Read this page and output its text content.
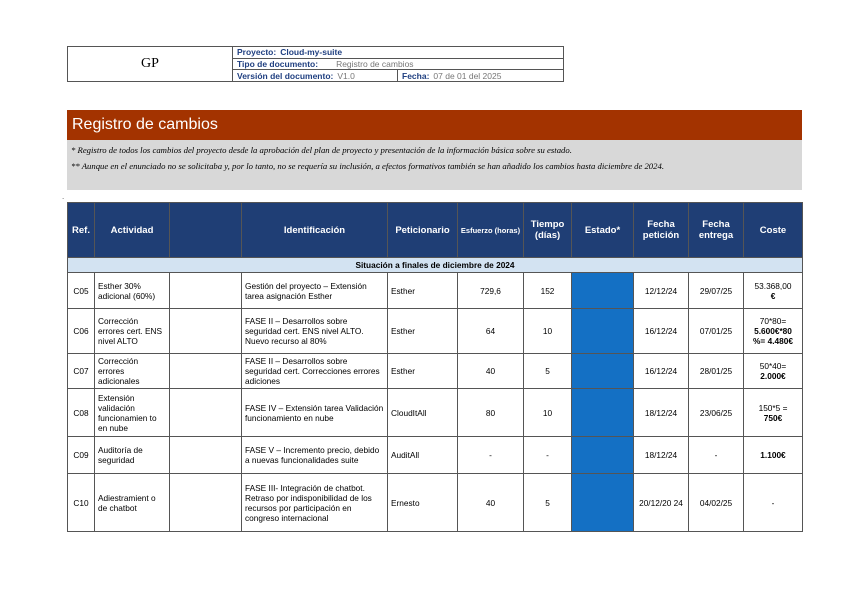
GP
Proyecto: Cloud-my-suite
Tipo de documento: Registro de cambios
Versión del documento: V1.0	Fecha: 07 de 01 del 2025
Registro de cambios

* Registro de todos los cambios del proyecto desde la aprobación del plan de proyecto y presentación de la información básica sobre su estado.

** Aunque en el enunciado no se solicitaba y, por lo tanto, no se requería su inclusión, a efectos formativos también se han añadido los cambios hasta diciembre de 2024.

.
Ref.	Actividad		Identificación	Peticionario	Esfuerzo (horas)	Tiempo (días)	Estado*	Fecha petición	Fecha entrega	Coste
Situación a finales de diciembre de 2024										
C05	Esther 30% adicional (60%)		Gestión del proyecto – Extensión tarea asignación Esther	Esther	729,6	152		12/12/24	29/07/25	53.368,00
€
C06	Corrección errores cert. ENS nivel ALTO		FASE II – Desarrollos sobre seguridad cert. ENS nivel ALTO. Nuevo recurso al 80%	Esther	64	10		16/12/24	07/01/25	70*80=
5.600€*80 %= 4.480€
C07	Corrección errores adicionales		FASE II – Desarrollos sobre seguridad cert. Correcciones errores adiciones	Esther	40	5		16/12/24	28/01/25	50*40=
2.000€
C08	Extensión validación funcionamien to en nube		FASE IV – Extensión tarea Validación funcionamiento en nube	CloudItAll	80	10		18/12/24	23/06/25	150*5 =
750€
C09	Auditoría de seguridad		FASE V – Incremento precio, debido a nuevas funcionalidades suite	AuditAll	-	-		18/12/24	-	1.100€
C10	Adiestramient o de chatbot		FASE III- Integración de chatbot. Retraso por indisponibilidad de los recursos por participación en congreso internacional	Ernesto	40	5		20/12/20 24	04/02/25	-
